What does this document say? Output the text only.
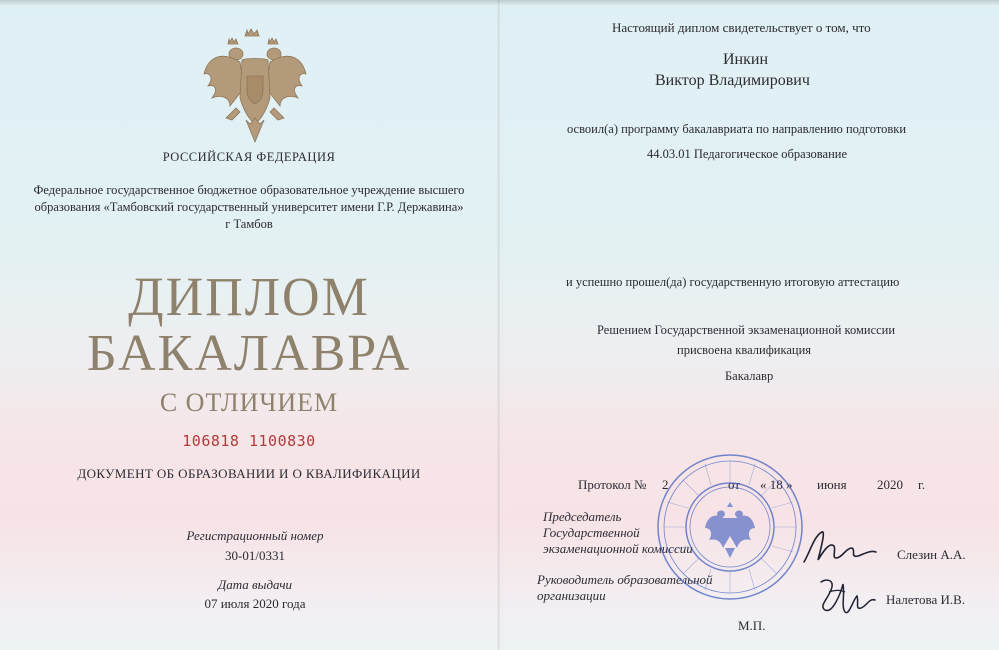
РОССИЙСКАЯ ФЕДЕРАЦИЯ
Федеральное государственное бюджетное образовательное учреждение высшего
образования «Тамбовский государственный университет имени Г.Р. Державина»
г Тамбов
ДИПЛОМ
БАКАЛАВРА
С ОТЛИЧИЕМ
106818 1100830
ДОКУМЕНТ ОБ ОБРАЗОВАНИИ И О КВАЛИФИКАЦИИ
Регистрационный номер
30-01/0331
Дата выдачи
07 июля 2020 года
Настоящий диплом свидетельствует о том, что
Инкин
Виктор Владимирович
освоил(а) программу бакалавриата по направлению подготовки
44.03.01 Педагогическое образование
и успешно прошел(да) государственную итоговую аттестацию
Решением Государственной экзаменационной комиссии
присвоена квалификация
Бакалавр
Протокол № 2	от « 18 » июня 2020 г.
Председатель
Государственной
экзаменационной комиссии
Руководитель образовательной
организации
Слезин А.А.
Налетова И.В.
М.П.
